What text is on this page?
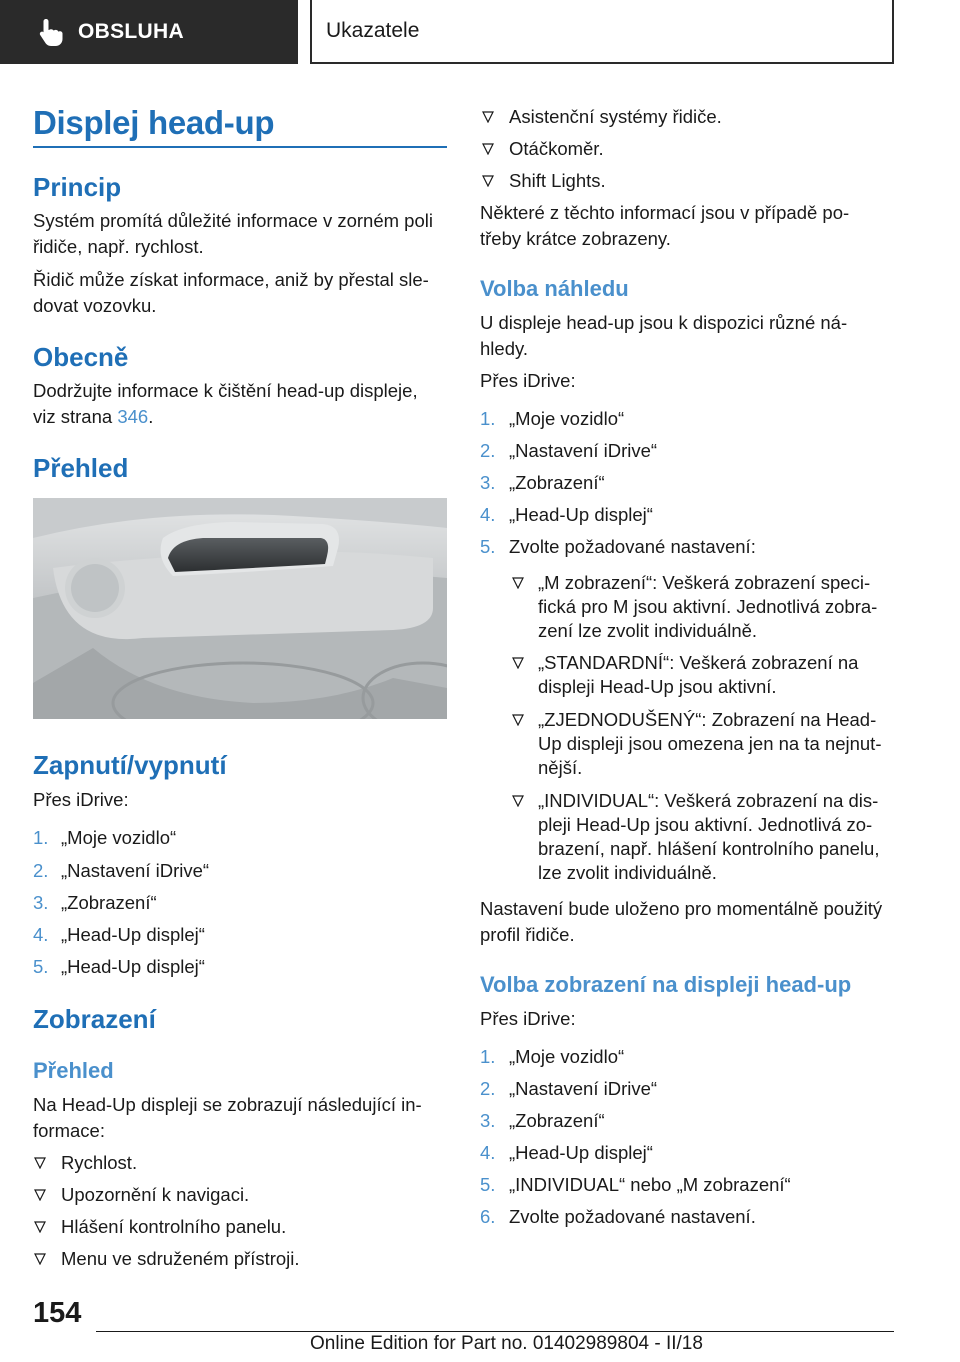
OBSLUHA	Ukazatele
Displej head-up
Princip

Systém promítá důležité informace v zorném poli

řidiče, např. rychlost.

Řidič může získat informace, aniž by přestal sle-

dovat vozovku.

Obecně

Dodržujte informace k čištění head-up displeje,

viz strana 346.

Přehled
Zapnutí/vypnutí

Přes iDrive:

1. „Moje vozidlo“
2. „Nastavení iDrive“
3. „Zobrazení“
4. „Head-Up displej“
5. „Head-Up displej“
Zobrazení
Přehled

Na Head-Up displeji se zobrazují následující in-

formace:

Rychlost.
Upozornění k navigaci.
Hlášení kontrolního panelu.
Menu ve sdruženém přístroji.
Asistenční systémy řidiče.
Otáčkoměr.
Shift Lights.

Některé z těchto informací jsou v případě po-

třeby krátce zobrazeny.

Volba náhledu

U displeje head-up jsou k dispozici různé ná-

hledy.

Přes iDrive:

1. „Moje vozidlo“
2. „Nastavení iDrive“
3. „Zobrazení“
4. „Head-Up displej“
5. Zvolte požadované nastavení:
„M zobrazení“: Veškerá zobrazení speci-
fická pro M jsou aktivní. Jednotlivá zobra-
zení lze zvolit individuálně.
„STANDARDNÍ“: Veškerá zobrazení na
displeji Head-Up jsou aktivní.
„ZJEDNODUŠENÝ“: Zobrazení na Head-
Up displeji jsou omezena jen na ta nejnut-
nější.
„INDIVIDUAL“: Veškerá zobrazení na dis-
pleji Head-Up jsou aktivní. Jednotlivá zo-
brazení, např. hlášení kontrolního panelu,
lze zvolit individuálně.

Nastavení bude uloženo pro momentálně použitý

profil řidiče.

Volba zobrazení na displeji head-up

Přes iDrive:

1. „Moje vozidlo“
2. „Nastavení iDrive“
3. „Zobrazení“
4. „Head-Up displej“
5. „INDIVIDUAL“ nebo „M zobrazení“
6. Zvolte požadované nastavení.
154
Online Edition for Part no. 01402989804 - II/18
